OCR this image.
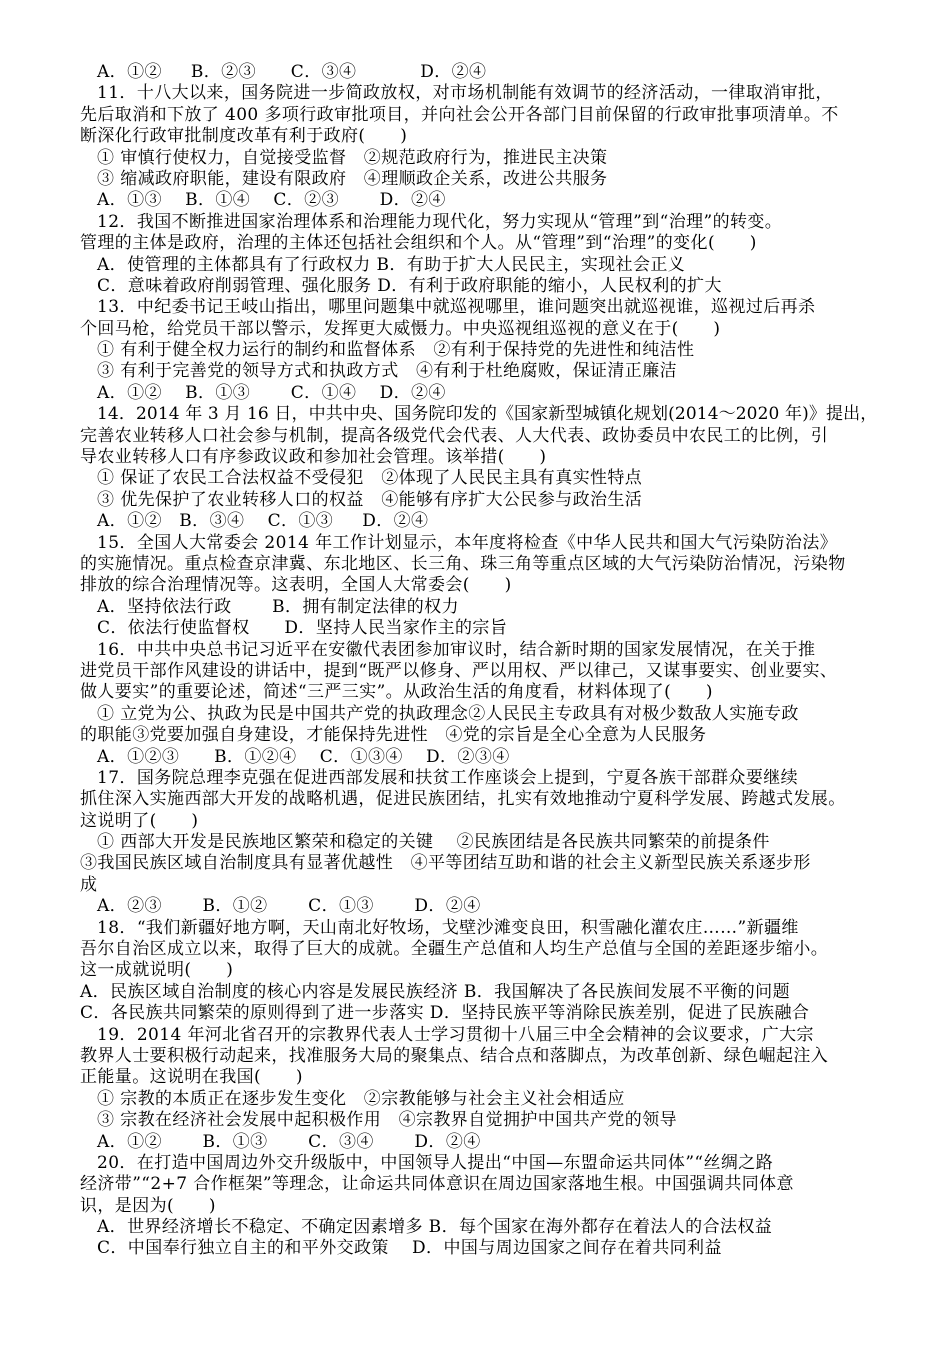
A．①②　  B．②③　   C．③④　　     D．②④
11．十八大以来，国务院进一步简政放权，对市场机制能有效调节的经济活动，一律取消审批，
先后取消和下放了 400 多项行政审批项目，并向社会公开各部门目前保留的行政审批事项清单。不
断深化行政审批制度改革有利于政府(　　)
① 审慎行使权力，自觉接受监督　②规范政府行为，推进民主决策
③ 缩减政府职能，建设有限政府　④理顺政企关系，改进公共服务
A．①③　 B．①④　 C．②③　　 D．②④
12．我国不断推进国家治理体系和治理能力现代化，努力实现从“管理”到“治理”的转变。
管理的主体是政府，治理的主体还包括社会组织和个人。从“管理”到“治理”的变化(　　)
A．使管理的主体都具有了行政权力 B．有助于扩大人民民主，实现社会正义
C．意味着政府削弱管理、强化服务 D．有利于政府职能的缩小，人民权利的扩大
13．中纪委书记王岐山指出，哪里问题集中就巡视哪里，谁问题突出就巡视谁，巡视过后再杀
个回马枪，给党员干部以警示，发挥更大威慑力。中央巡视组巡视的意义在于(　　)
① 有利于健全权力运行的制约和监督体系　②有利于保持党的先进性和纯洁性
③ 有利于完善党的领导方式和执政方式　④有利于杜绝腐败，保证清正廉洁
A．①②　 B．①③　　 C．①④　 D．②④
14．2014 年 3 月 16 日，中共中央、国务院印发的《国家新型城镇化规划(2014～2020 年)》提出，
完善农业转移人口社会参与机制，提高各级党代会代表、人大代表、政协委员中农民工的比例，引
导农业转移人口有序参政议政和参加社会管理。该举措(　　)
① 保证了农民工合法权益不受侵犯　②体现了人民民主具有真实性特点
③ 优先保护了农业转移人口的权益　④能够有序扩大公民参与政治生活
A．①②　B．③④　 C．①③　  D．②④
15．全国人大常委会 2014 年工作计划显示，本年度将检查《中华人民共和国大气污染防治法》
的实施情况。重点检查京津冀、东北地区、长三角、珠三角等重点区域的大气污染防治情况，污染物
排放的综合治理情况等。这表明，全国人大常委会(　　)
A．坚持依法行政　　 B．拥有制定法律的权力
C．依法行使监督权　　D．坚持人民当家作主的宗旨
16．中共中央总书记习近平在安徽代表团参加审议时，结合新时期的国家发展情况，在关于推
进党员干部作风建设的讲话中，提到“既严以修身、严以用权、严以律己，又谋事要实、创业要实、
做人要实”的重要论述，简述“三严三实”。从政治生活的角度看，材料体现了(　　)
① 立党为公、执政为民是中国共产党的执政理念②人民民主专政具有对极少数敌人实施专政
的职能③党要加强自身建设，才能保持先进性　④党的宗旨是全心全意为人民服务
A．①②③　　B．①②④　 C．①③④　 D．②③④
17．国务院总理李克强在促进西部发展和扶贫工作座谈会上提到，宁夏各族干部群众要继续
抓住深入实施西部大开发的战略机遇，促进民族团结，扎实有效地推动宁夏科学发展、跨越式发展。
这说明了(　　)
① 西部大开发是民族地区繁荣和稳定的关键　 ②民族团结是各民族共同繁荣的前提条件
③我国民族区域自治制度具有显著优越性　④平等团结互助和谐的社会主义新型民族关系逐步形
成
A．②③　　 B．①②　　 C．①③　　 D．②④
18．“我们新疆好地方啊，天山南北好牧场，戈壁沙滩变良田，积雪融化灌农庄……”新疆维
吾尔自治区成立以来，取得了巨大的成就。全疆生产总值和人均生产总值与全国的差距逐步缩小。
这一成就说明(　　)
A．民族区域自治制度的核心内容是发展民族经济 B．我国解决了各民族间发展不平衡的问题
C．各民族共同繁荣的原则得到了进一步落实 D．坚持民族平等消除民族差别，促进了民族融合
19．2014 年河北省召开的宗教界代表人士学习贯彻十八届三中全会精神的会议要求，广大宗
教界人士要积极行动起来，找准服务大局的聚集点、结合点和落脚点，为改革创新、绿色崛起注入
正能量。这说明在我国(　　)
① 宗教的本质正在逐步发生变化　②宗教能够与社会主义社会相适应
③ 宗教在经济社会发展中起积极作用　④宗教界自觉拥护中国共产党的领导
A．①②　　 B．①③　　 C．③④　　 D．②④
20．在打造中国周边外交升级版中，中国领导人提出“中国—东盟命运共同体”“丝绸之路
经济带”“2+7 合作框架”等理念，让命运共同体意识在周边国家落地生根。中国强调共同体意
识，是因为(　　)
A．世界经济增长不稳定、不确定因素增多 B．每个国家在海外都存在着法人的合法权益
C．中国奉行独立自主的和平外交政策　 D．中国与周边国家之间存在着共同利益
